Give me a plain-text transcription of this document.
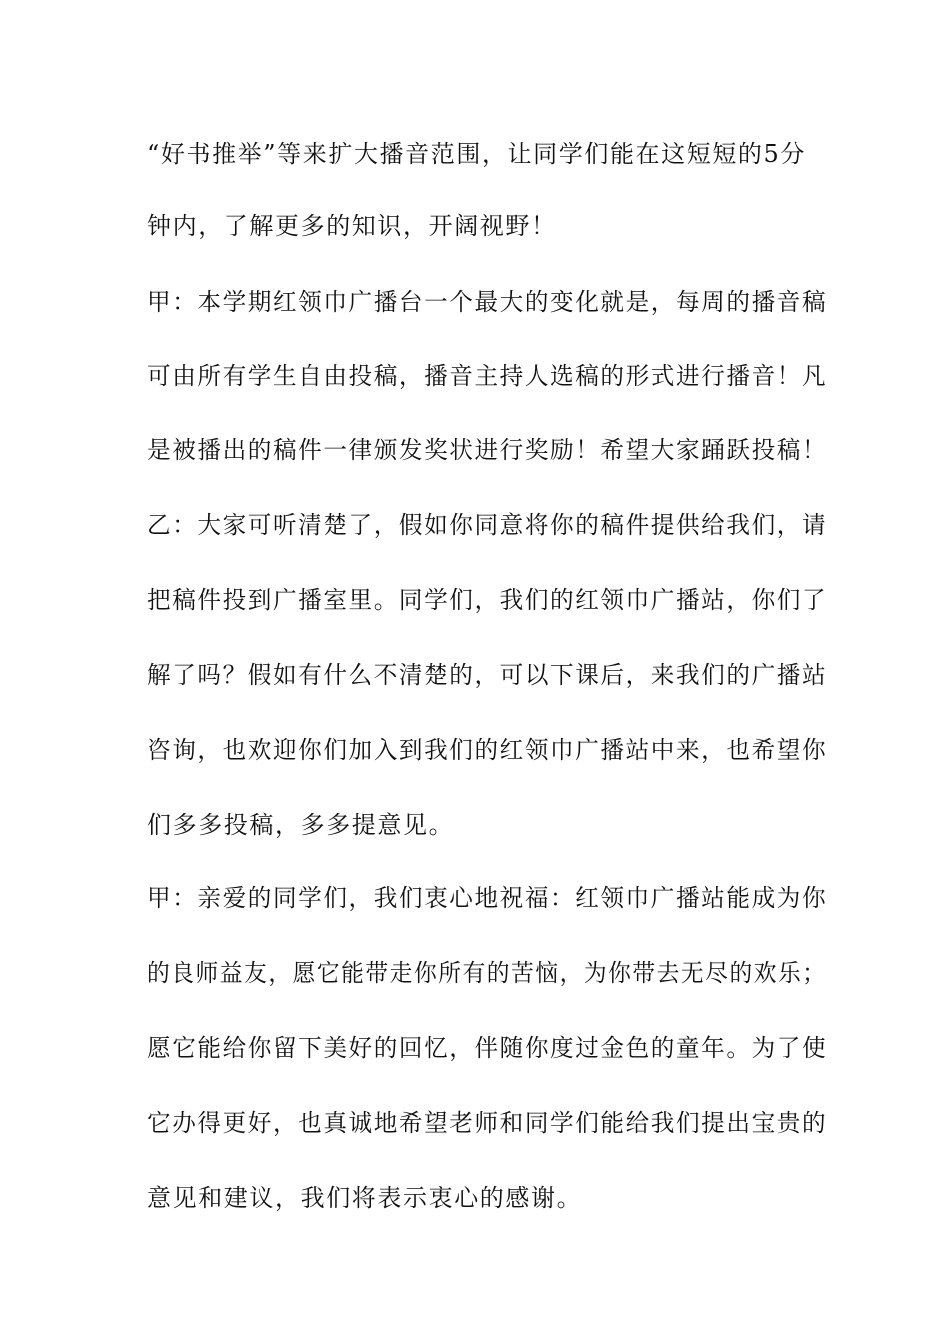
“好书推举”等来扩大播音范围，让同学们能在这短短的5分
钟内，了解更多的知识，开阔视野！
甲：本学期红领巾广播台一个最大的变化就是，每周的播音稿
可由所有学生自由投稿，播音主持人选稿的形式进行播音！凡
是被播出的稿件一律颁发奖状进行奖励！希望大家踊跃投稿！
乙：大家可听清楚了，假如你同意将你的稿件提供给我们，请
把稿件投到广播室里。同学们，我们的红领巾广播站，你们了
解了吗？假如有什么不清楚的，可以下课后，来我们的广播站
咨询，也欢迎你们加入到我们的红领巾广播站中来，也希望你
们多多投稿，多多提意见。
甲：亲爱的同学们，我们衷心地祝福：红领巾广播站能成为你
的良师益友，愿它能带走你所有的苦恼，为你带去无尽的欢乐；
愿它能给你留下美好的回忆，伴随你度过金色的童年。为了使
它办得更好，也真诚地希望老师和同学们能给我们提出宝贵的
意见和建议，我们将表示衷心的感谢。
